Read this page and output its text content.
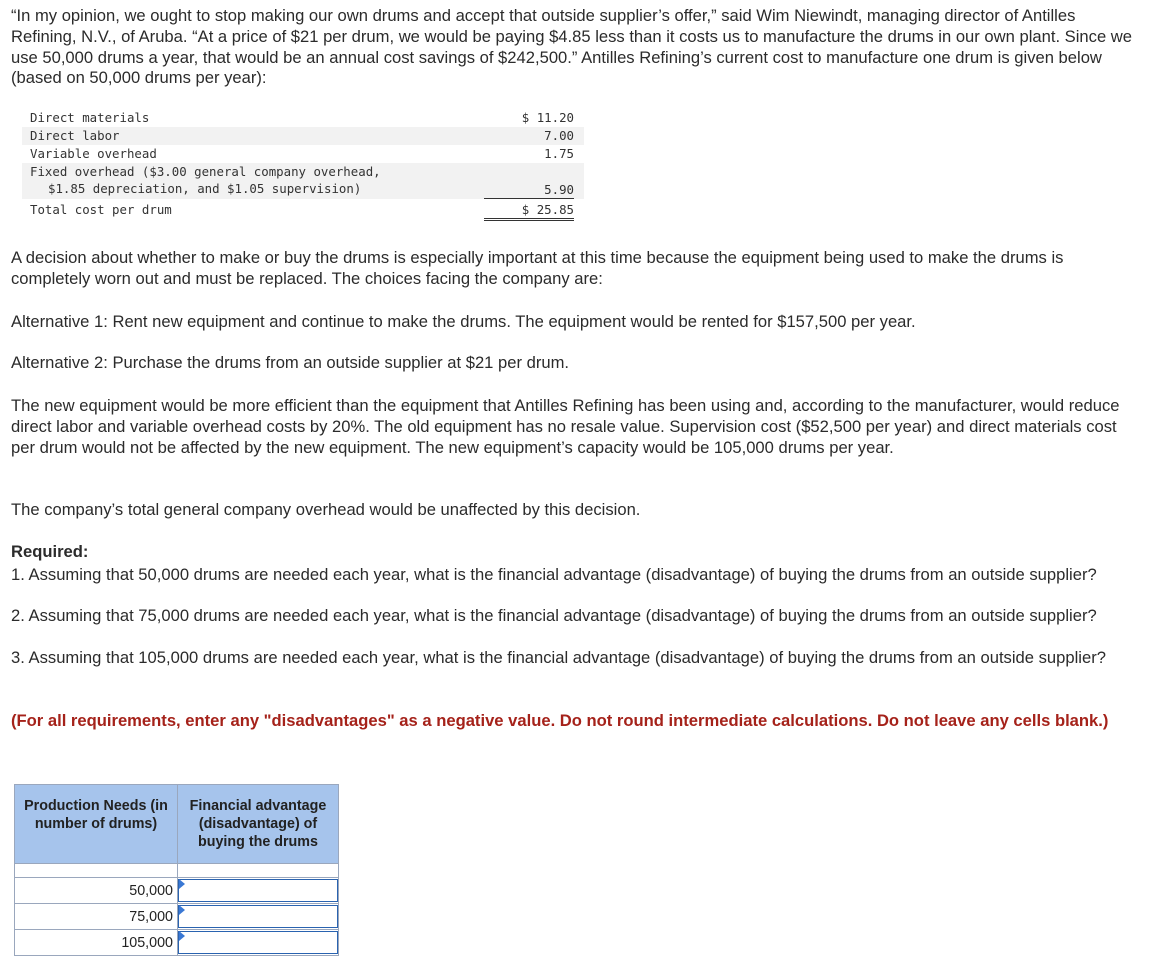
“In my opinion, we ought to stop making our own drums and accept that outside supplier’s offer,” said Wim Niewindt, managing director of Antilles Refining, N.V., of Aruba. “At a price of $21 per drum, we would be paying $4.85 less than it costs us to manufacture the drums in our own plant. Since we use 50,000 drums a year, that would be an annual cost savings of $242,500.” Antilles Refining’s current cost to manufacture one drum is given below (based on 50,000 drums per year):

Direct materials	$ 11.20
Direct labor	7.00
Variable overhead	1.75
Fixed overhead ($3.00 general company overhead,
$1.85 depreciation, and $1.05 supervision)	5.90

Total cost per drum	$ 25.85

A decision about whether to make or buy the drums is especially important at this time because the equipment being used to make the drums is completely worn out and must be replaced. The choices facing the company are:

Alternative 1: Rent new equipment and continue to make the drums. The equipment would be rented for $157,500 per year.

Alternative 2: Purchase the drums from an outside supplier at $21 per drum.

The new equipment would be more efficient than the equipment that Antilles Refining has been using and, according to the manufacturer, would reduce direct labor and variable overhead costs by 20%. The old equipment has no resale value. Supervision cost ($52,500 per year) and direct materials cost per drum would not be affected by the new equipment. The new equipment’s capacity would be 105,000 drums per year.

The company’s total general company overhead would be unaffected by this decision.

Required:

1. Assuming that 50,000 drums are needed each year, what is the financial advantage (disadvantage) of buying the drums from an outside supplier?

2. Assuming that 75,000 drums are needed each year, what is the financial advantage (disadvantage) of buying the drums from an outside supplier?

3. Assuming that 105,000 drums are needed each year, what is the financial advantage (disadvantage) of buying the drums from an outside supplier?

(For all requirements, enter any "disadvantages" as a negative value. Do not round intermediate calculations. Do not leave any cells blank.)

Production Needs (in number of drums)	Financial advantage (disadvantage) of buying the drums

50,000	

75,000	

105,000	
